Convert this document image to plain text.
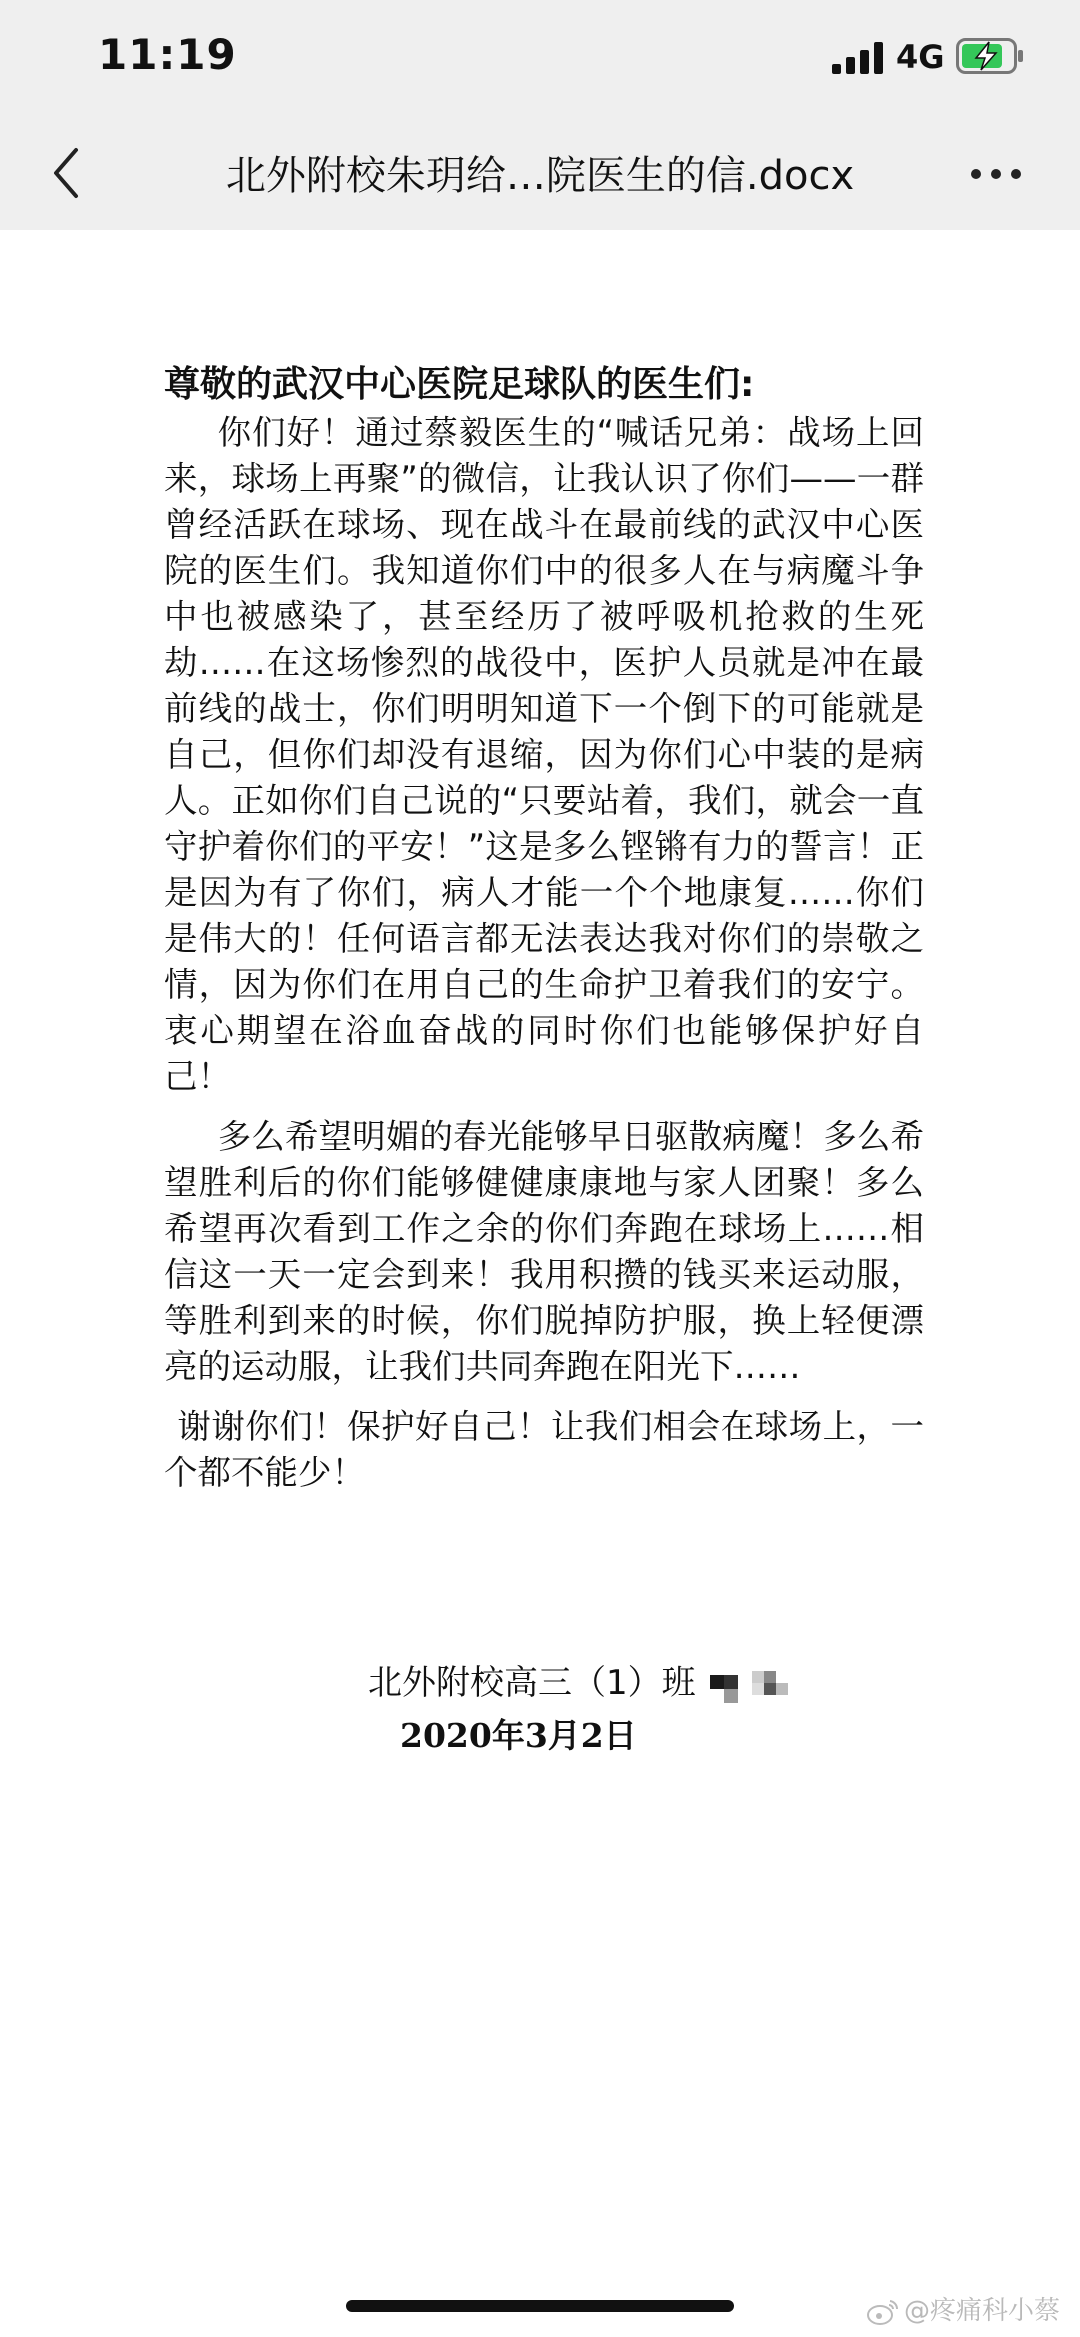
11:19	4G
北外附校朱玥给…院医生的信.docx

尊敬的武汉中心医院足球队的医生们:

你们好！通过蔡毅医生的“喊话兄弟：战场上回来，球场上再聚”的微信，让我认识了你们——一群曾经活跃在球场、现在战斗在最前线的武汉中心医院的医生们。我知道你们中的很多人在与病魔斗争中也被感染了，甚至经历了被呼吸机抢救的生死劫……在这场惨烈的战役中，医护人员就是冲在最前线的战士，你们明明知道下一个倒下的可能就是自己，但你们却没有退缩，因为你们心中装的是病人。正如你们自己说的“只要站着，我们，就会一直守护着你们的平安！”这是多么铿锵有力的誓言！正是因为有了你们，病人才能一个个地康复……你们是伟大的！任何语言都无法表达我对你们的崇敬之情，因为你们在用自己的生命护卫着我们的安宁。衷心期望在浴血奋战的同时你们也能够保护好自己！

多么希望明媚的春光能够早日驱散病魔！多么希望胜利后的你们能够健健康康地与家人团聚！多么希望再次看到工作之余的你们奔跑在球场上……相信这一天一定会到来！我用积攒的钱买来运动服，等胜利到来的时候，你们脱掉防护服，换上轻便漂亮的运动服，让我们共同奔跑在阳光下……

谢谢你们！保护好自己！让我们相会在球场上，一个都不能少！

北外附校高三（1）班
2020年3月2日
@疼痛科小蔡
